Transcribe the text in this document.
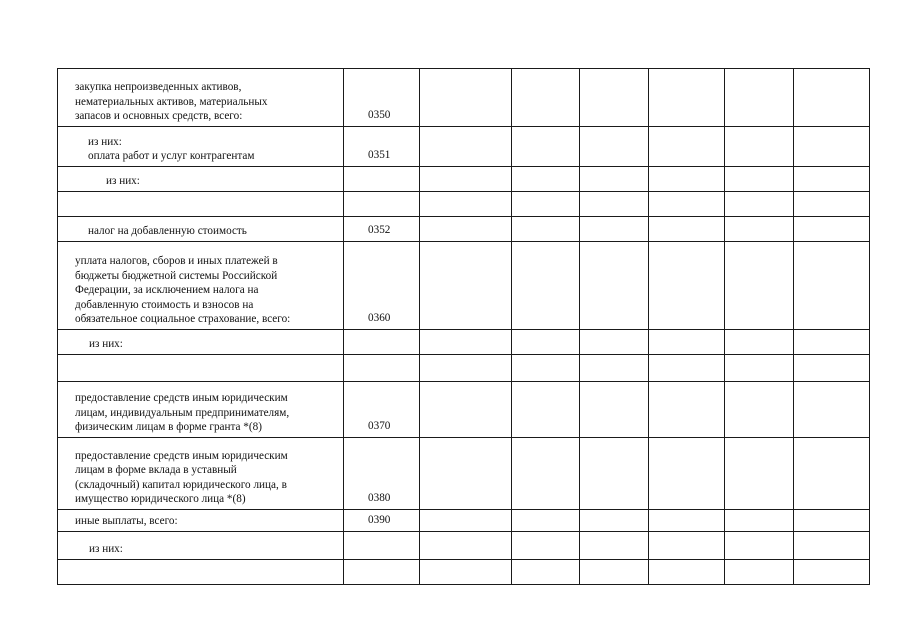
закупка непроизведенных активов,
нематериальных активов, материальных
запасов и основных средств, всего:	0350						
из них:
оплата работ и услуг контрагентам	0351						
из них:							

налог на добавленную стоимость	0352						
уплата налогов, сборов и иных платежей в
бюджеты бюджетной системы Российской
Федерации, за исключением налога на
добавленную стоимость и взносов на
обязательное социальное страхование, всего:	0360						
из них:							

предоставление средств иным юридическим
лицам, индивидуальным предпринимателям,
физическим лицам в форме гранта *(8)	0370						
предоставление средств иным юридическим
лицам в форме вклада в уставный
(складочный) капитал юридического лица, в
имущество юридического лица *(8)	0380						
иные выплаты, всего:	0390						
из них:							
